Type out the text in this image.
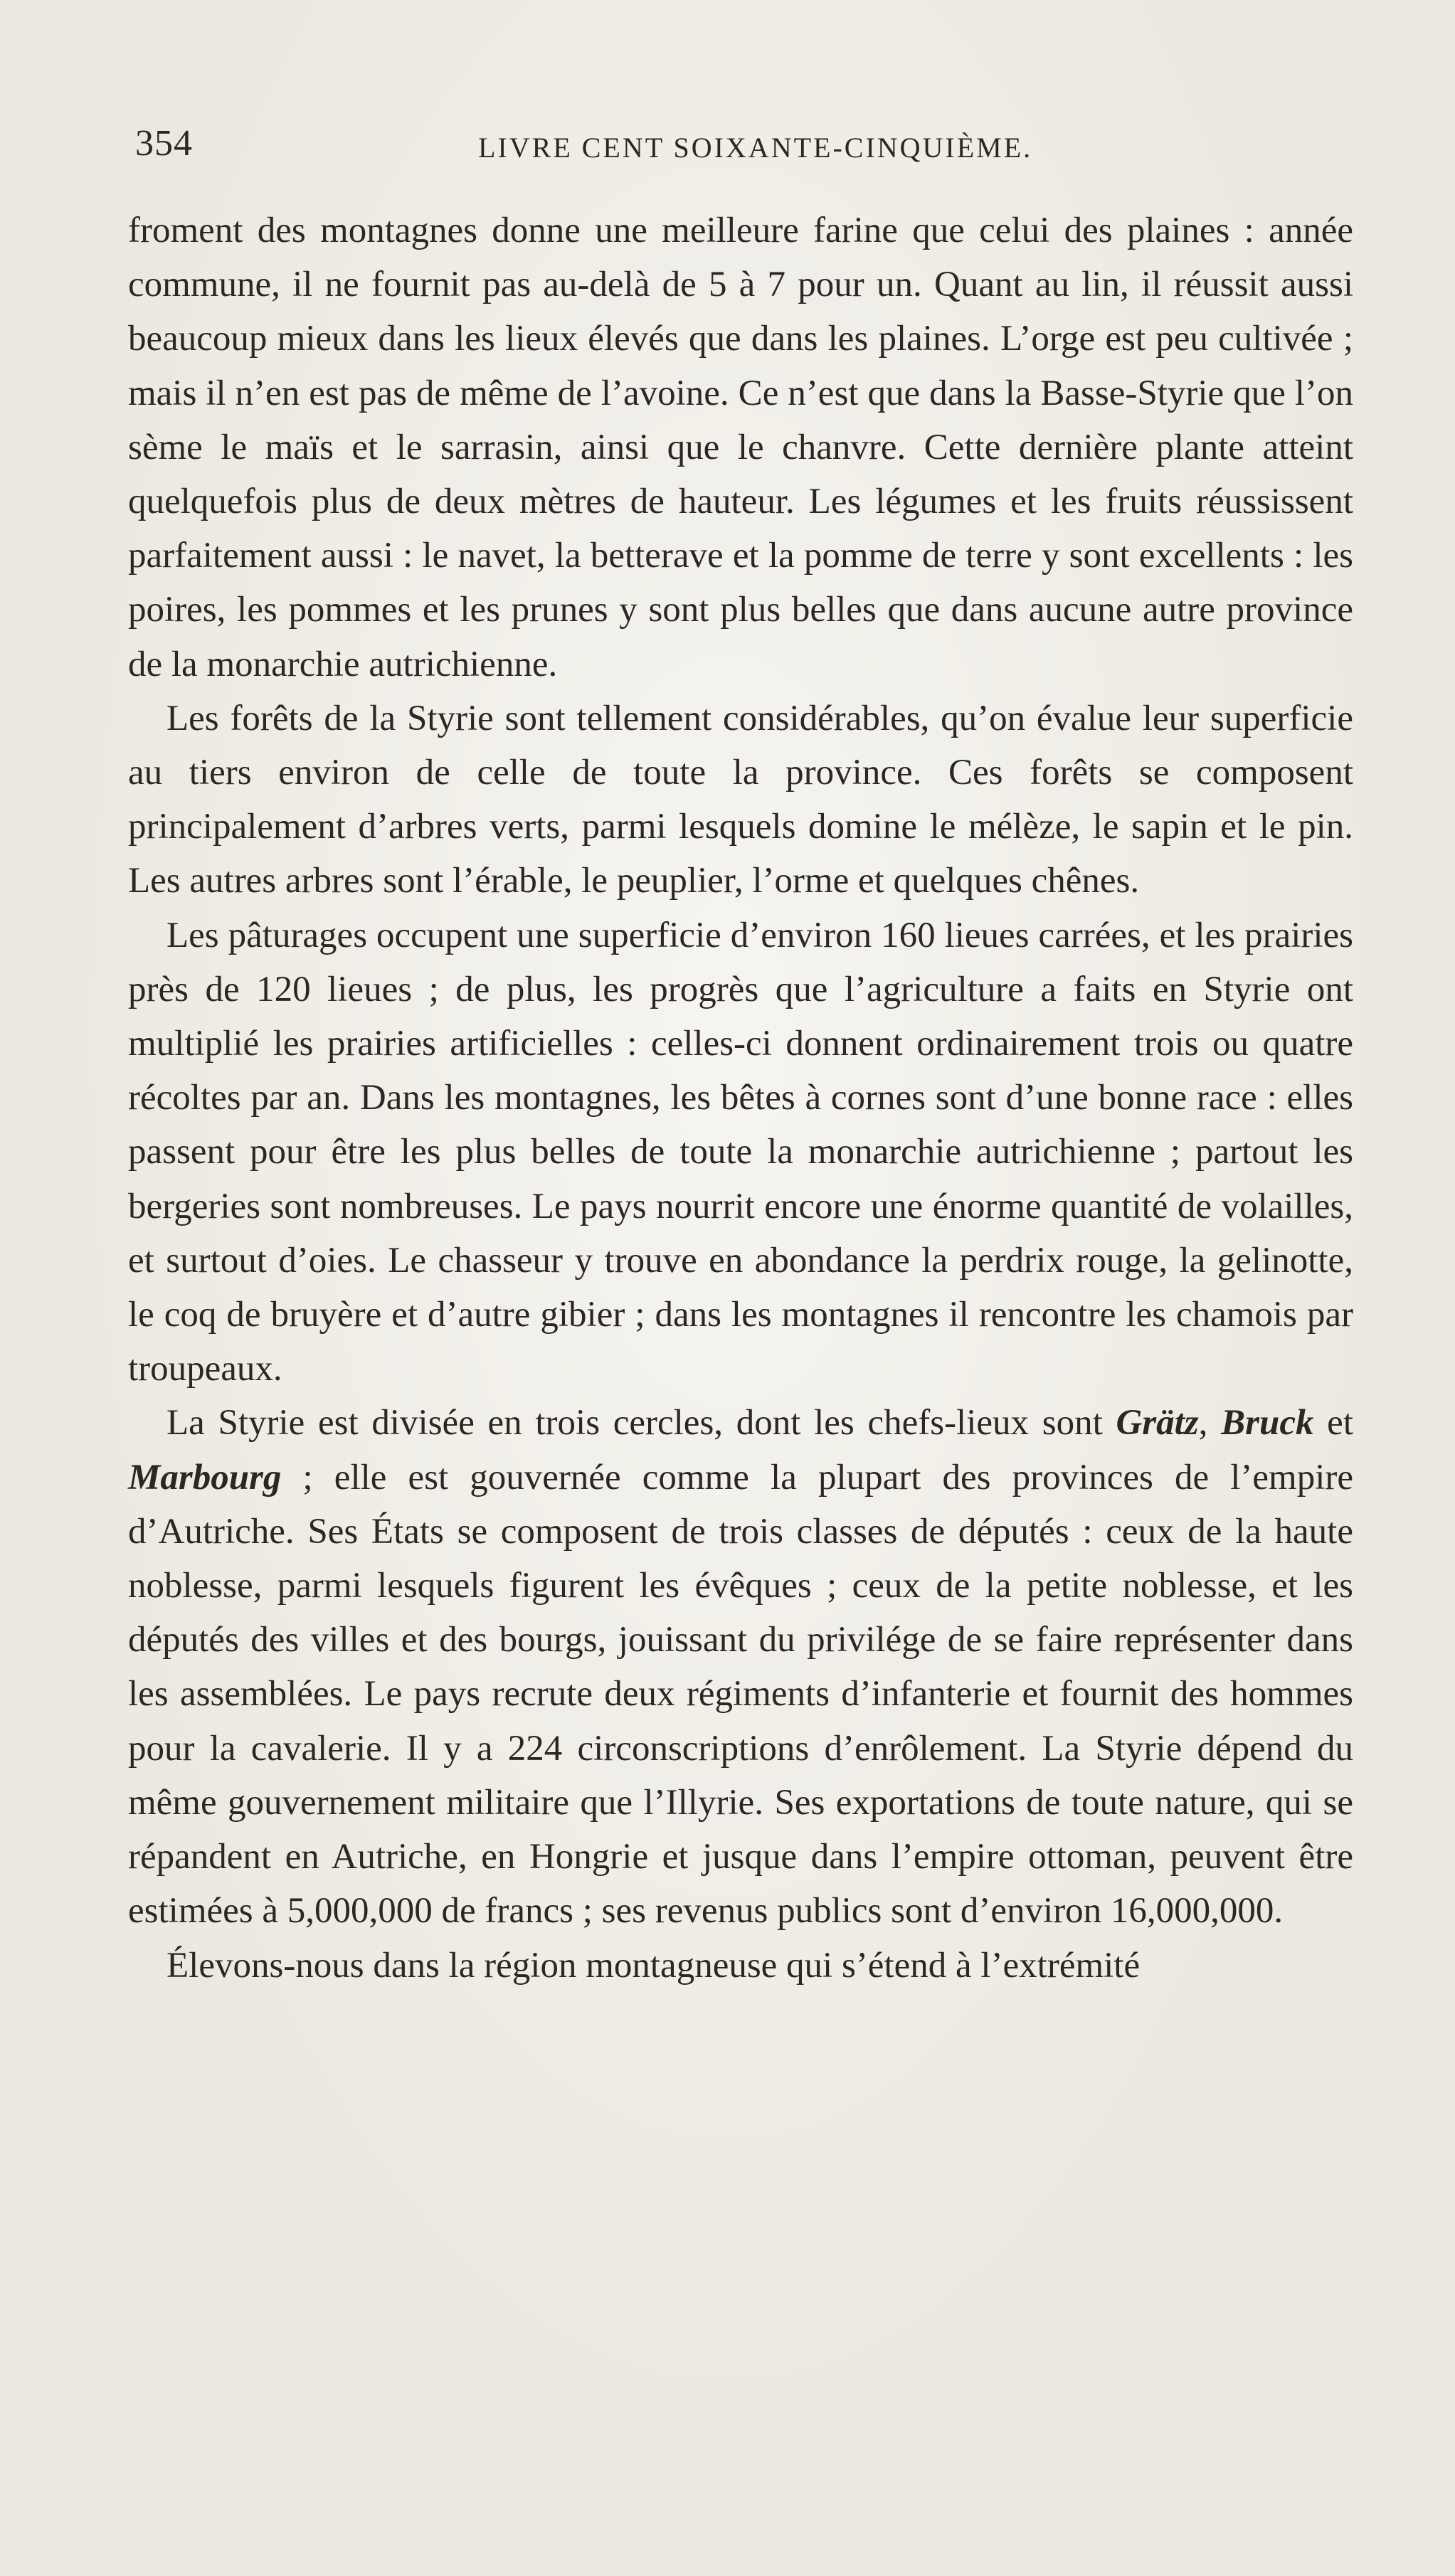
354	LIVRE CENT SOIXANTE-CINQUIÈME.

froment des montagnes donne une meilleure farine que celui des plaines : année commune, il ne fournit pas au-delà de 5 à 7 pour un. Quant au lin, il réussit aussi beaucoup mieux dans les lieux élevés que dans les plaines. L’orge est peu cultivée ; mais il n’en est pas de même de l’avoine. Ce n’est que dans la Basse-Styrie que l’on sème le maïs et le sarrasin, ainsi que le chanvre. Cette dernière plante atteint quelquefois plus de deux mètres de hauteur. Les légumes et les fruits réussissent parfaitement aussi : le navet, la betterave et la pomme de terre y sont excellents : les poires, les pommes et les prunes y sont plus belles que dans aucune autre province de la monarchie autrichienne.

Les forêts de la Styrie sont tellement considérables, qu’on évalue leur superficie au tiers environ de celle de toute la province. Ces forêts se composent principalement d’arbres verts, parmi lesquels domine le mélèze, le sapin et le pin. Les autres arbres sont l’érable, le peuplier, l’orme et quelques chênes.

Les pâturages occupent une superficie d’environ 160 lieues carrées, et les prairies près de 120 lieues ; de plus, les progrès que l’agriculture a faits en Styrie ont multiplié les prairies artificielles : celles-ci donnent ordinairement trois ou quatre récoltes par an. Dans les montagnes, les bêtes à cornes sont d’une bonne race : elles passent pour être les plus belles de toute la monarchie autrichienne ; partout les bergeries sont nombreuses. Le pays nourrit encore une énorme quantité de volailles, et surtout d’oies. Le chasseur y trouve en abondance la perdrix rouge, la gelinotte, le coq de bruyère et d’autre gibier ; dans les montagnes il rencontre les chamois par troupeaux.

La Styrie est divisée en trois cercles, dont les chefs-lieux sont Grätz, Bruck et Marbourg ; elle est gouvernée comme la plupart des provinces de l’empire d’Autriche. Ses États se composent de trois classes de députés : ceux de la haute noblesse, parmi lesquels figurent les évêques ; ceux de la petite noblesse, et les députés des villes et des bourgs, jouissant du privilége de se faire représenter dans les assemblées. Le pays recrute deux régiments d’infanterie et fournit des hommes pour la cavalerie. Il y a 224 circonscriptions d’enrôlement. La Styrie dépend du même gouvernement militaire que l’Illyrie. Ses exportations de toute nature, qui se répandent en Autriche, en Hongrie et jusque dans l’empire ottoman, peuvent être estimées à 5,000,000 de francs ; ses revenus publics sont d’environ 16,000,000.

Élevons-nous dans la région montagneuse qui s’étend à l’extrémité
